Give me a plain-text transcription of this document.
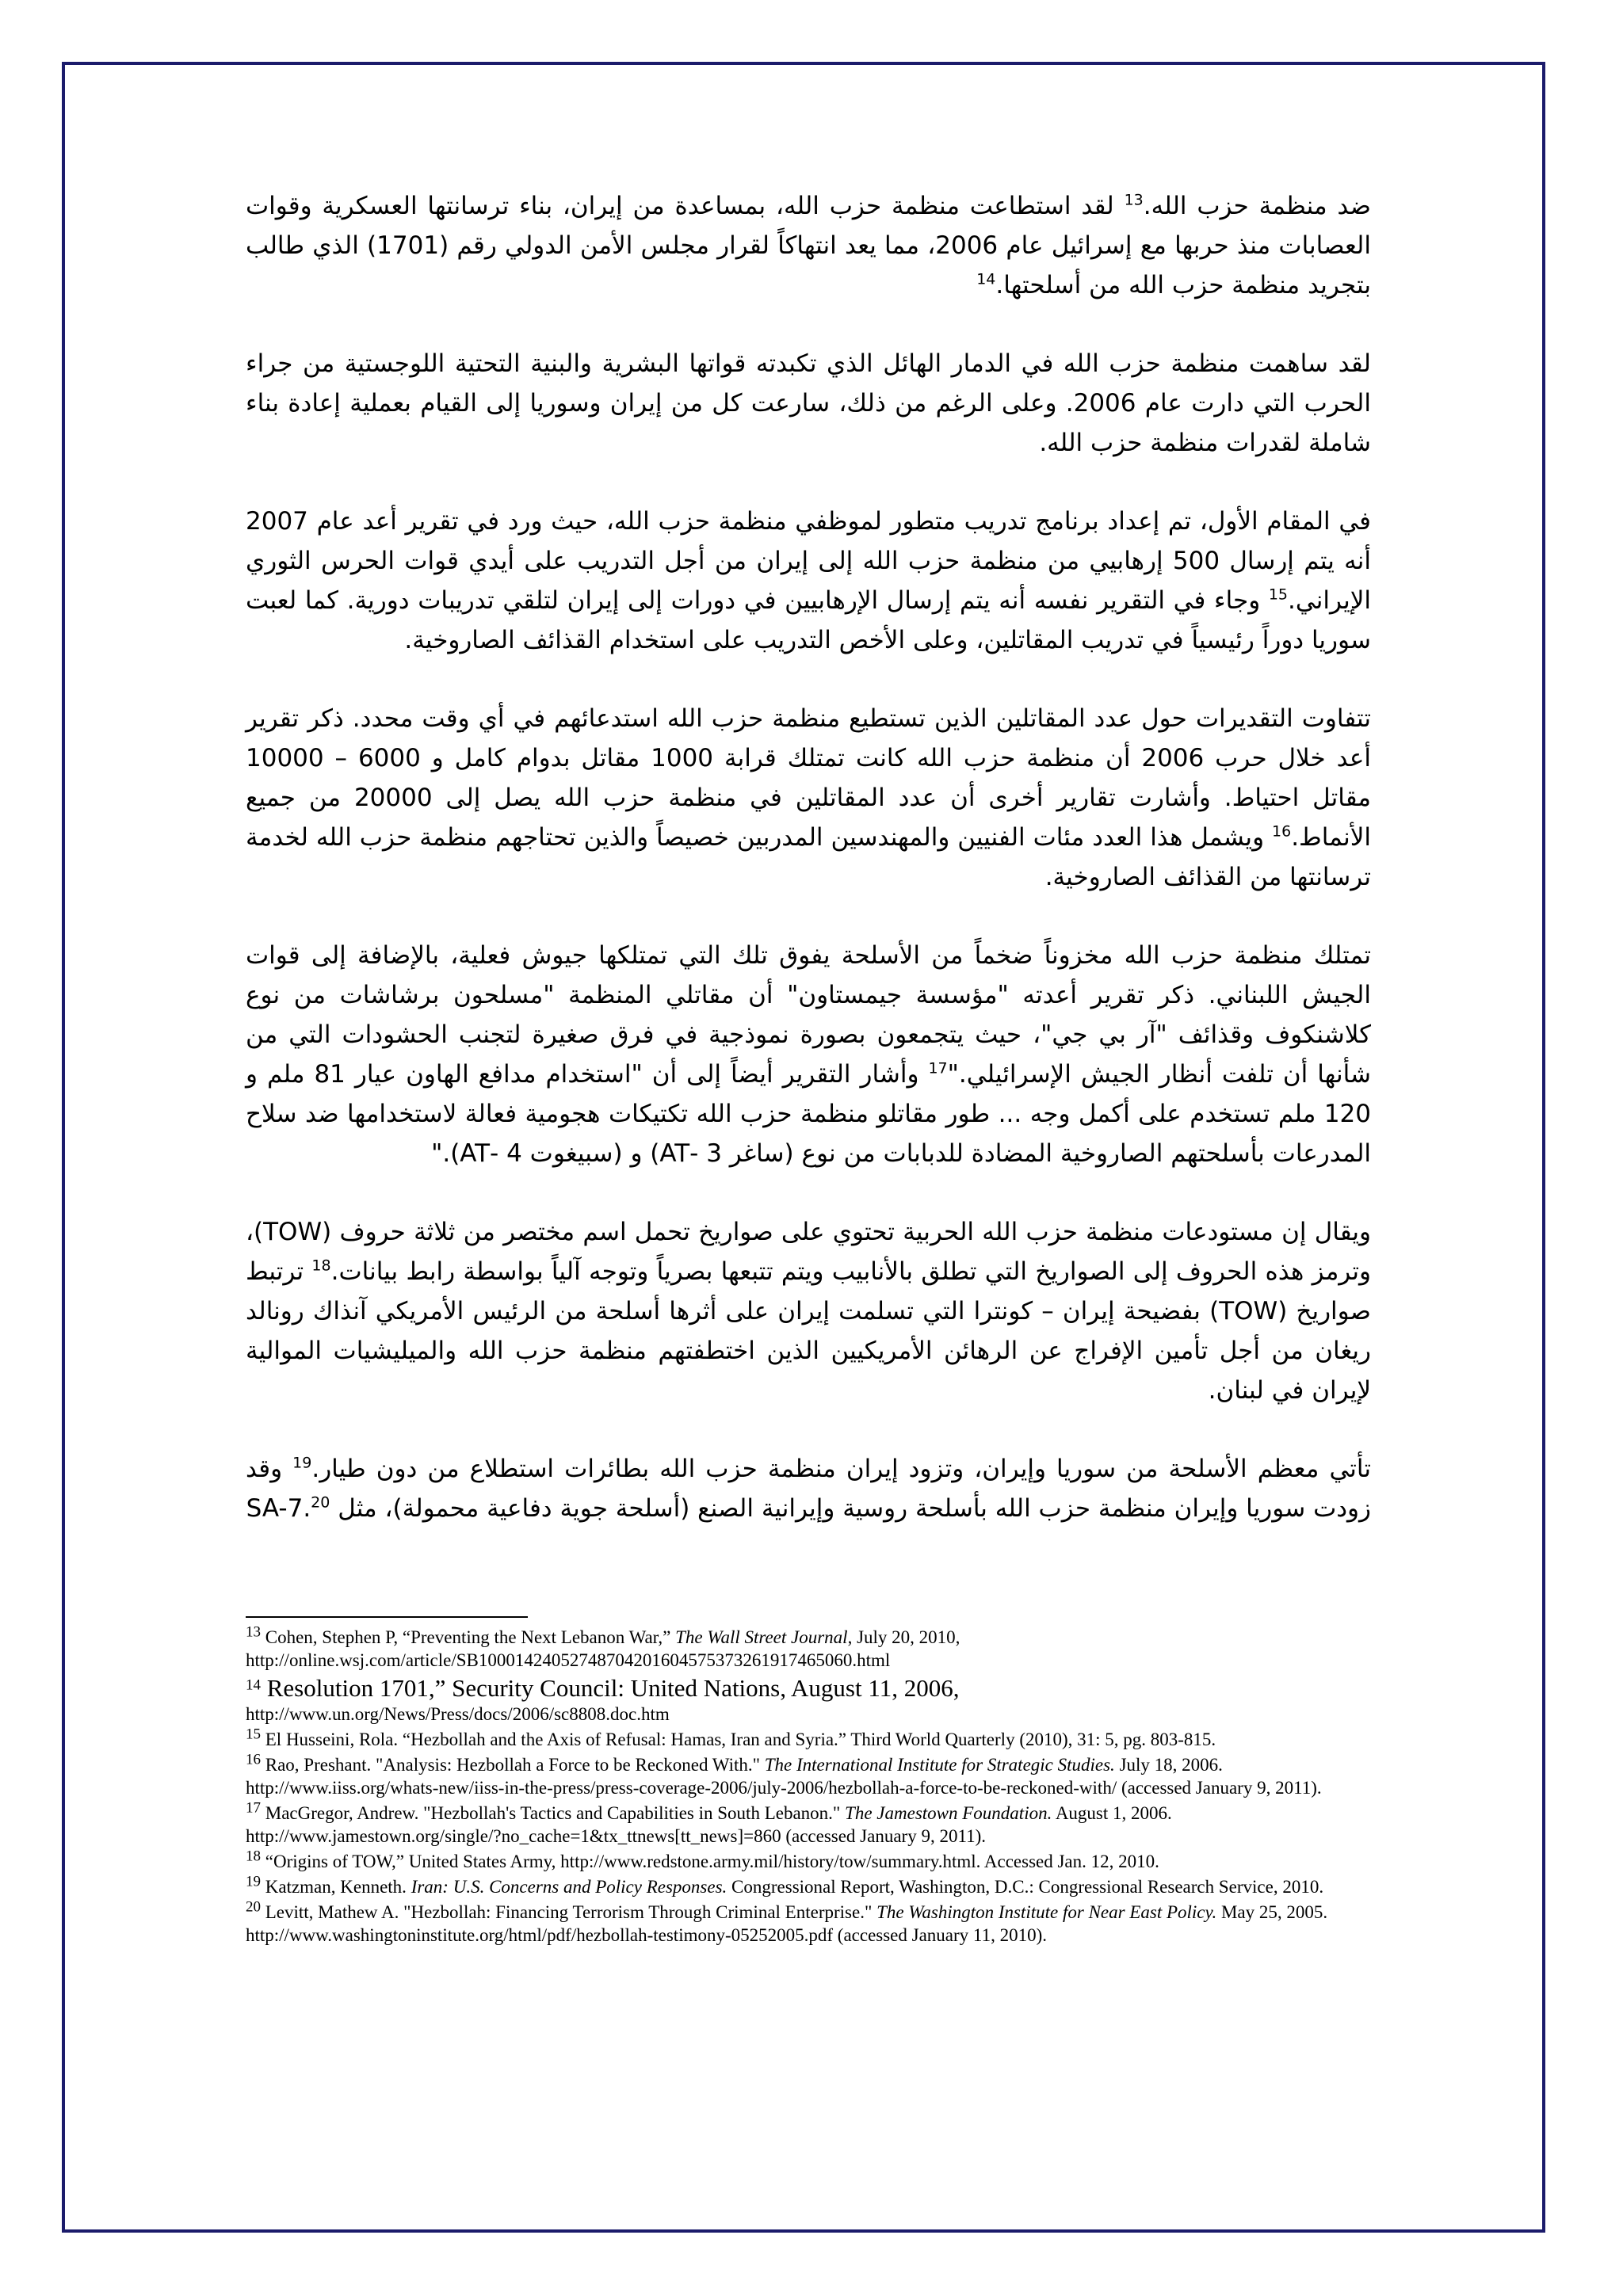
ضد منظمة حزب الله.$^{13}$ لقد استطاعت منظمة حزب الله، بمساعدة من إيران، بناء ترسانتها العسكرية وقوات العصابات منذ حربها مع إسرائيل عام 2006، مما يعد انتهاكاً لقرار مجلس الأمن الدولي رقم (1701) الذي طالب بتجريد منظمة حزب الله من أسلحتها.$^{14}$

لقد ساهمت منظمة حزب الله في الدمار الهائل الذي تكبدته قواتها البشرية والبنية التحتية اللوجستية من جراء الحرب التي دارت عام 2006. وعلى الرغم من ذلك، سارعت كل من إيران وسوريا إلى القيام بعملية إعادة بناء شاملة لقدرات منظمة حزب الله.

في المقام الأول، تم إعداد برنامج تدريب متطور لموظفي منظمة حزب الله، حيث ورد في تقرير أعد عام 2007 أنه يتم إرسال 500 إرهابيي من منظمة حزب الله إلى إيران من أجل التدريب على أيدي قوات الحرس الثوري الإيراني.$^{15}$ وجاء في التقرير نفسه أنه يتم إرسال الإرهابيين في دورات إلى إيران لتلقي تدريبات دورية. كما لعبت سوريا دوراً رئيسياً في تدريب المقاتلين، وعلى الأخص التدريب على استخدام القذائف الصاروخية.

تتفاوت التقديرات حول عدد المقاتلين الذين تستطيع منظمة حزب الله استدعائهم في أي وقت محدد. ذكر تقرير أعد خلال حرب 2006 أن منظمة حزب الله كانت تمتلك قرابة 1000 مقاتل بدوام كامل و 6000 – 10000 مقاتل احتياط. وأشارت تقارير أخرى أن عدد المقاتلين في منظمة حزب الله يصل إلى 20000 من جميع الأنماط.$^{16}$ ويشمل هذا العدد مئات الفنيين والمهندسين المدربين خصيصاً والذين تحتاجهم منظمة حزب الله لخدمة ترسانتها من القذائف الصاروخية.

تمتلك منظمة حزب الله مخزوناً ضخماً من الأسلحة يفوق تلك التي تمتلكها جيوش فعلية، بالإضافة إلى قوات الجيش اللبناني. ذكر تقرير أعدته "مؤسسة جيمستاون" أن مقاتلي المنظمة "مسلحون برشاشات من نوع كلاشنكوف وقذائف "آر بي جي"، حيث يتجمعون بصورة نموذجية في فرق صغيرة لتجنب الحشودات التي من شأنها أن تلفت أنظار الجيش الإسرائيلي."$^{17}$ وأشار التقرير أيضاً إلى أن "استخدام مدافع الهاون عيار 81 ملم و 120 ملم تستخدم على أكمل وجه ... طور مقاتلو منظمة حزب الله تكتيكات هجومية فعالة لاستخدامها ضد سلاح المدرعات بأسلحتهم الصاروخية المضادة للدبابات من نوع (ساغر 3 -AT) و (سبيغوت 4 -AT)."

ويقال إن مستودعات منظمة حزب الله الحربية تحتوي على صواريخ تحمل اسم مختصر من ثلاثة حروف (TOW)، وترمز هذه الحروف إلى الصواريخ التي تطلق بالأنابيب ويتم تتبعها بصرياً وتوجه آلياً بواسطة رابط بيانات.$^{18}$ ترتبط صواريخ (TOW) بفضيحة إيران – كونترا التي تسلمت إيران على أثرها أسلحة من الرئيس الأمريكي آنذاك رونالد ريغان من أجل تأمين الإفراج عن الرهائن الأمريكيين الذين اختطفتهم منظمة حزب الله والميليشيات الموالية لإيران في لبنان.

تأتي معظم الأسلحة من سوريا وإيران، وتزود إيران منظمة حزب الله بطائرات استطلاع من دون طيار.$^{19}$ وقد زودت سوريا وإيران منظمة حزب الله بأسلحة روسية وإيرانية الصنع (أسلحة جوية دفاعية محمولة)، مثل SA-7.20

$^{13}$ Cohen, Stephen P, “Preventing the Next Lebanon War,” The Wall Street Journal, July 20, 2010, http://online.wsj.com/article/SB10001424052748704201604575373261917465060.html
$^{14}$ Resolution 1701,” Security Council: United Nations, August 11, 2006, http://www.un.org/News/Press/docs/2006/sc8808.doc.htm
$^{15}$ El Husseini, Rola. “Hezbollah and the Axis of Refusal: Hamas, Iran and Syria.” Third World Quarterly (2010), 31: 5, pg. 803-815.
$^{16}$ Rao, Preshant. "Analysis: Hezbollah a Force to be Reckoned With." The International Institute for Strategic Studies. July 18, 2006. http://www.iiss.org/whats-new/iiss-in-the-press/press-coverage-2006/july-2006/hezbollah-a-force-to-be-reckoned-with/ (accessed January 9, 2011).
$^{17}$ MacGregor, Andrew. "Hezbollah's Tactics and Capabilities in South Lebanon." The Jamestown Foundation. August 1, 2006. http://www.jamestown.org/single/?no_cache=1&tx_ttnews[tt_news]=860 (accessed January 9, 2011).
$^{18}$ “Origins of TOW,” United States Army, http://www.redstone.army.mil/history/tow/summary.html. Accessed Jan. 12, 2010.
$^{19}$ Katzman, Kenneth. Iran: U.S. Concerns and Policy Responses. Congressional Report, Washington, D.C.: Congressional Research Service, 2010.
$^{20}$ Levitt, Mathew A. "Hezbollah: Financing Terrorism Through Criminal Enterprise." The Washington Institute for Near East Policy. May 25, 2005. http://www.washingtoninstitute.org/html/pdf/hezbollah-testimony-05252005.pdf (accessed January 11, 2010).
